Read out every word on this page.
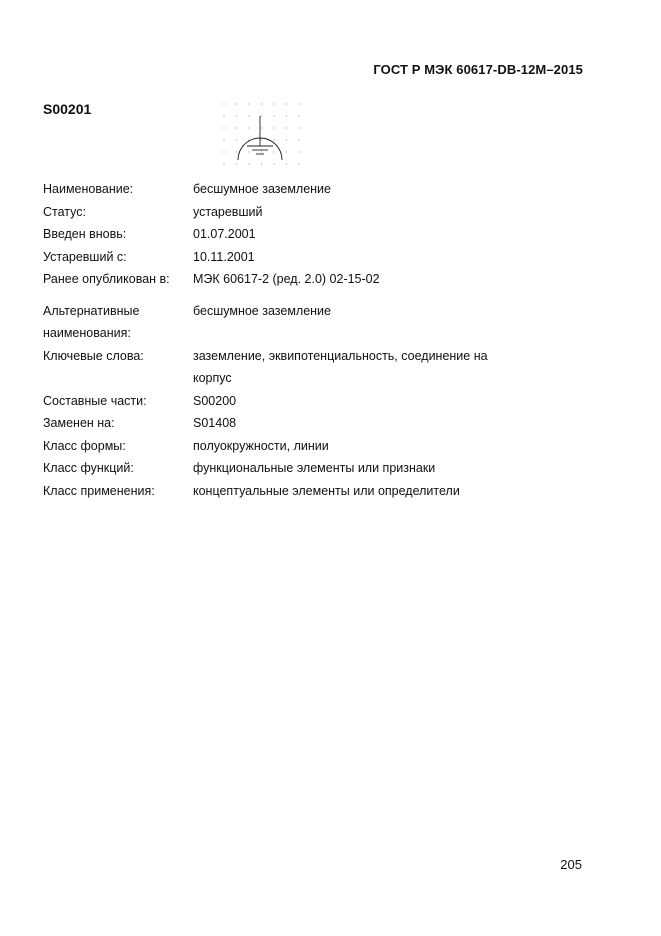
ГОСТ Р МЭК 60617-DB-12M–2015
S00201
Наименование:	бесшумное заземление
Статус:	устаревший
Введен вновь:	01.07.2001
Устаревший с:	10.11.2001
Ранее опубликован в:	МЭК 60617-2 (ред. 2.0) 02-15-02
Альтернативные
наименования:
бесшумное заземление
Ключевые слова:	заземление, эквипотенциальность, соединение на
корпус
Составные части:	S00200
Заменен на:	S01408
Класс формы:	полуокружности, линии
Класс функций:	функциональные элементы или признаки
Класс применения:	концептуальные элементы или определители
205
